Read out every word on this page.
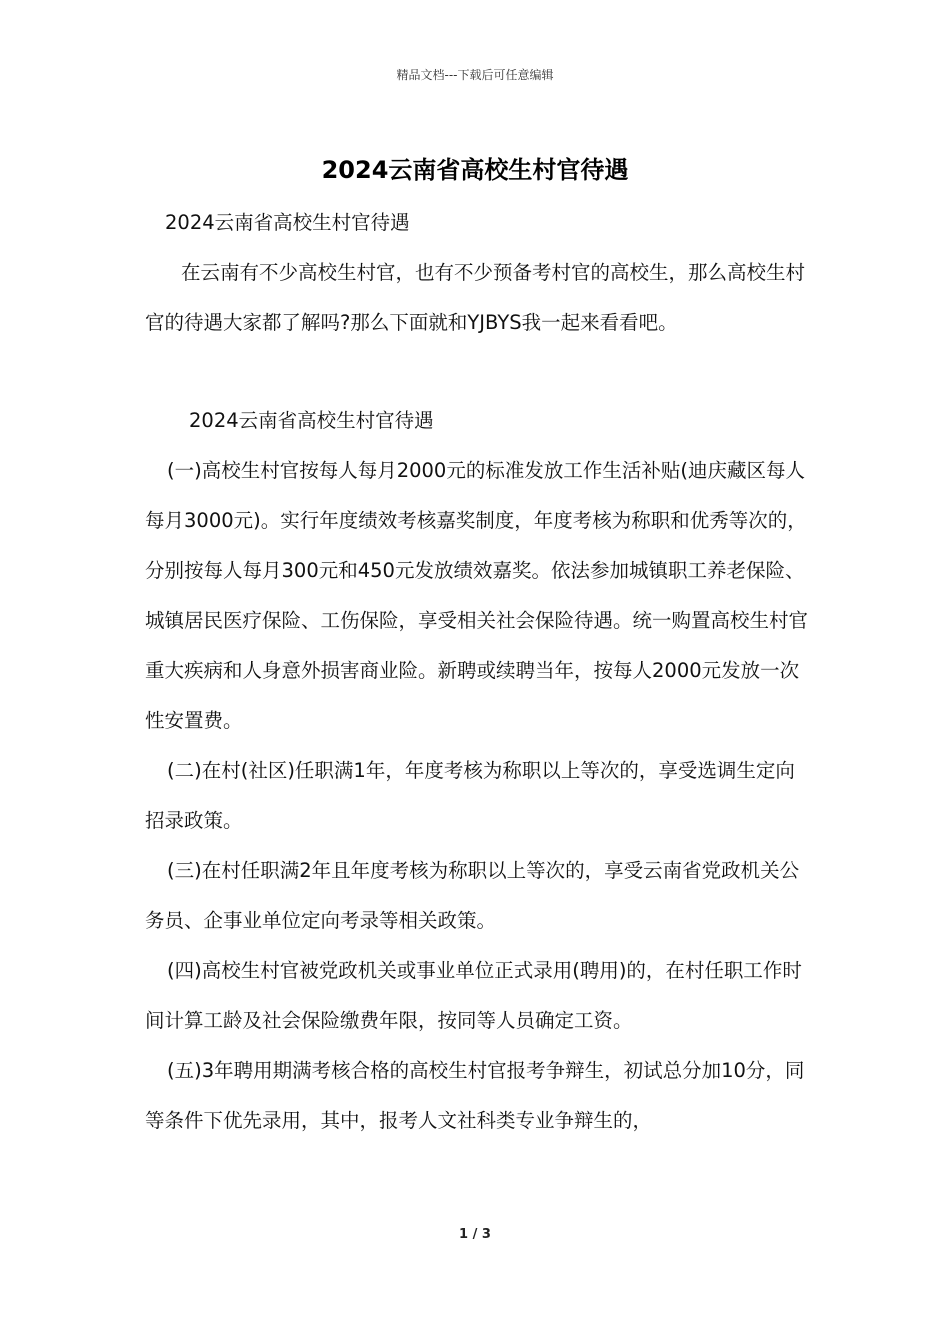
精品文档---下载后可任意编辑
2024云南省高校生村官待遇

2024云南省高校生村官待遇

在云南有不少高校生村官，也有不少预备考村官的高校生，那么高校生村官的待遇大家都了解吗?那么下面就和YJBYS我一起来看看吧。

2024云南省高校生村官待遇

(一)高校生村官按每人每月2000元的标准发放工作生活补贴(迪庆藏区每人每月3000元)。实行年度绩效考核嘉奖制度，年度考核为称职和优秀等次的，分别按每人每月300元和450元发放绩效嘉奖。依法参加城镇职工养老保险、城镇居民医疗保险、工伤保险，享受相关社会保险待遇。统一购置高校生村官重大疾病和人身意外损害商业险。新聘或续聘当年，按每人2000元发放一次性安置费。

(二)在村(社区)任职满1年，年度考核为称职以上等次的，享受选调生定向招录政策。

(三)在村任职满2年且年度考核为称职以上等次的，享受云南省党政机关公务员、企事业单位定向考录等相关政策。

(四)高校生村官被党政机关或事业单位正式录用(聘用)的，在村任职工作时间计算工龄及社会保险缴费年限，按同等人员确定工资。

(五)3年聘用期满考核合格的高校生村官报考争辩生，初试总分加10分，同等条件下优先录用，其中，报考人文社科类专业争辩生的，

1 / 3
